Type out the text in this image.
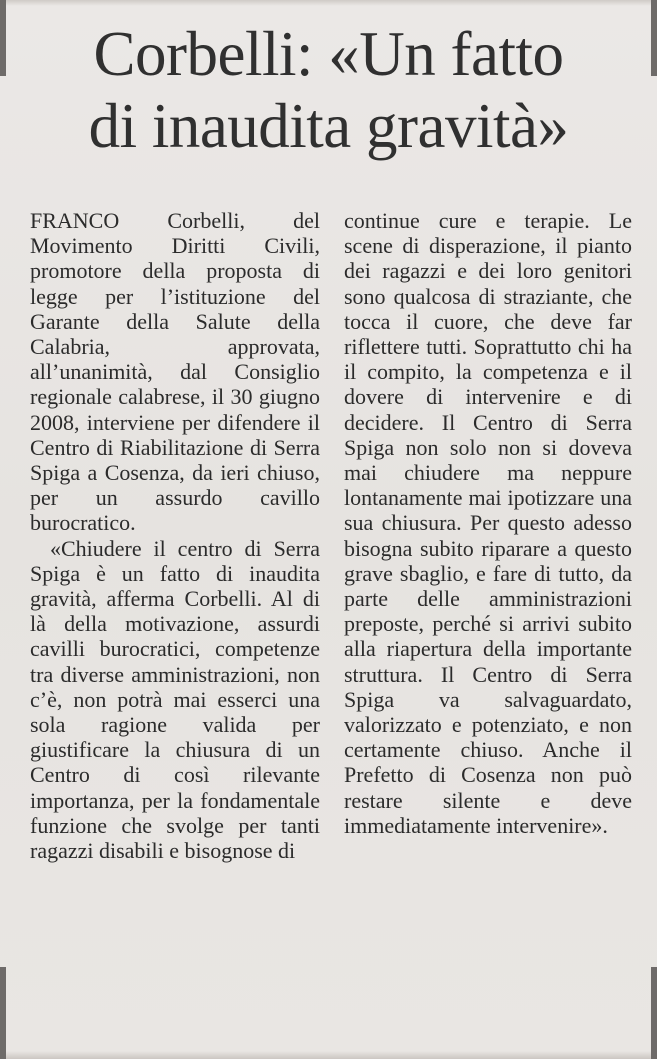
Corbelli: «Un fatto
di inaudita gravità»

FRANCO Corbelli, del Movimento Diritti Civili, promotore della proposta di legge per l’istituzione del Garante della Salute della Calabria, approvata, all’unanimità, dal Consiglio regionale calabrese, il 30 giugno 2008, interviene per difendere il Centro di Riabilitazione di Serra Spiga a Cosenza, da ieri chiuso, per un assurdo cavillo burocratico.

«Chiudere il centro di Serra Spiga è un fatto di inaudita gravità, afferma Corbelli. Al di là della motivazione, assurdi cavilli burocratici, competenze tra diverse amministrazioni, non c’è, non potrà mai esserci una sola ragione valida per giustificare la chiusura di un Centro di così rilevante importanza, per la fondamentale funzione che svolge per tanti ragazzi disabili e bisognose di

continue cure e terapie. Le scene di disperazione, il pianto dei ragazzi e dei loro genitori sono qualcosa di straziante, che tocca il cuore, che deve far riflettere tutti. Soprattutto chi ha il compito, la competenza e il dovere di intervenire e di decidere. Il Centro di Serra Spiga non solo non si doveva mai chiudere ma neppure lontanamente mai ipotizzare una sua chiusura. Per questo adesso bisogna subito riparare a questo grave sbaglio, e fare di tutto, da parte delle amministrazioni preposte, perché si arrivi subito alla riapertura della importante struttura. Il Centro di Serra Spiga va salvaguardato, valorizzato e potenziato, e non certamente chiuso. Anche il Prefetto di Cosenza non può restare silente e deve immediatamente intervenire».
